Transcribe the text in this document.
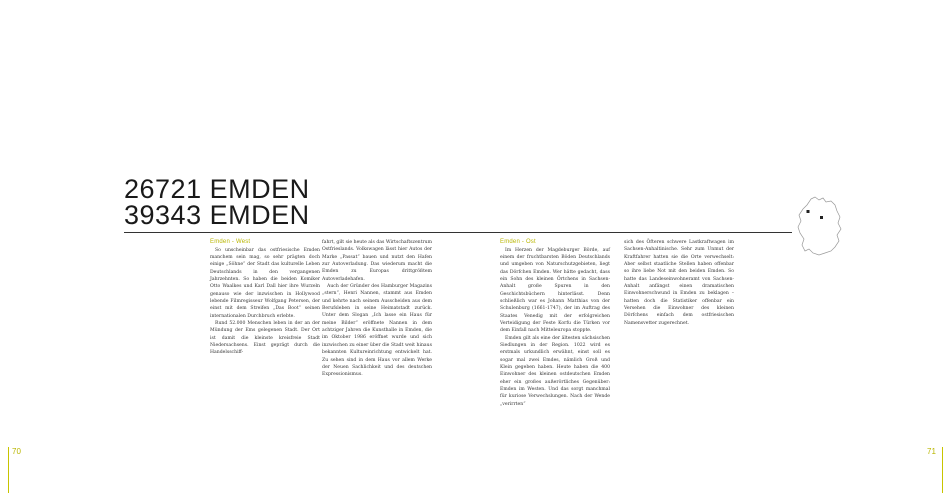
26721 EMDEN
39343 EMDEN
Emden - West

So unscheinbar das ostfriesische Emden manchem sein mag, so sehr prägten doch einige „Söhne“ der Stadt das kulturelle Leben Deutschlands in den vergangenen Jahrzehnten. So haben die beiden Komiker Otto Waalkes und Karl Dall hier ihre Wurzeln genauso wie der inzwischen in Hollywood lebende Filmregisseur Wolfgang Petersen, der einst mit dem Streifen „Das Boot“ seinen internationalen Durchbruch erlebte.

Rund 52.000 Menschen leben in der an der Mündung der Ems gelegenen Stadt. Der Ort ist damit die kleinste kreisfreie Stadt Niedersachsens. Einst geprägt durch die Handelsschiff-

fahrt, gilt sie heute als das Wirtschaftszentrum Ostfrieslands. Volkswagen lässt hier Autos der Marke „Passat“ bauen und nutzt den Hafen zur Autoverladung. Das wiederum macht die Emden zu Europas drittgrößtem Autoverladehafen.

Auch der Gründer des Hamburger Magazins „stern“, Henri Nannen, stammt aus Emden und kehrte nach seinem Ausscheiden aus dem Berufsleben in seine Heimatstadt zurück. Unter dem Slogan „Ich lasse ein Haus für meine Bilder“ eröffnete Nannen in dem achtziger Jahren die Kunsthalle in Emden, die im Oktober 1986 eröffnet wurde und sich inzwischen zu einer über die Stadt weit hinaus bekannten Kultureinrichtung entwickelt hat. Zu sehen sind in dem Haus vor allem Werke der Neuen Sachlichkeit und des deutschen Expressionismus.

Emden - Ost

Im Herzen der Magdeburger Börde, auf einem der fruchtbarsten Böden Deutschlands und umgeben von Naturschutzgebieten, liegt das Dörfchen Emden. Wer hätte gedacht, dass ein Sohn des kleinen Örtchens in Sachsen-Anhalt große Spuren in den Geschichtsbüchern hinterlässt. Denn schließlich war es Johann Matthias von der Schulenburg (1661-1747), der im Auftrag des Staates Venedig mit der erfolgreichen Verteidigung der Feste Korfu die Türken vor dem Einfall nach Mitteleuropa stoppte.

Emden gilt als eine der ältesten sächsischen Siedlungen in der Region. 1022 wird es erstmals urkundlich erwähnt, einst soll es sogar mal zwei Emdes, nämlich Groß und Klein gegeben haben. Heute haben die 400 Einwohner des kleinen ostdeutschen Emden eher ein großes außerörtliches Gegenüber: Emden im Westen. Und das sorgt manchmal für kuriose Verwechslungen. Nach der Wende „verirrten“

sich des Öfteren schwere Lastkraftwagen im Sachsen-Anhaltinische. Sehr zum Unmut der Kraftfahrer hatten sie die Orte verwechselt: Aber selbst staatliche Stellen haben offenbar so ihre liebe Not mit den beiden Emden. So hatte das Landeseinwohneramt von Sachsen-Anhalt anfängst einen dramatischen Einwohnerschwund in Emden zu beklagen – hatten doch die Statistiker offenbar ein Versehen die Einwohner des kleinen Dörfchens einfach dem ostfriesischen Namensvetter zugerechnet.

70	71
